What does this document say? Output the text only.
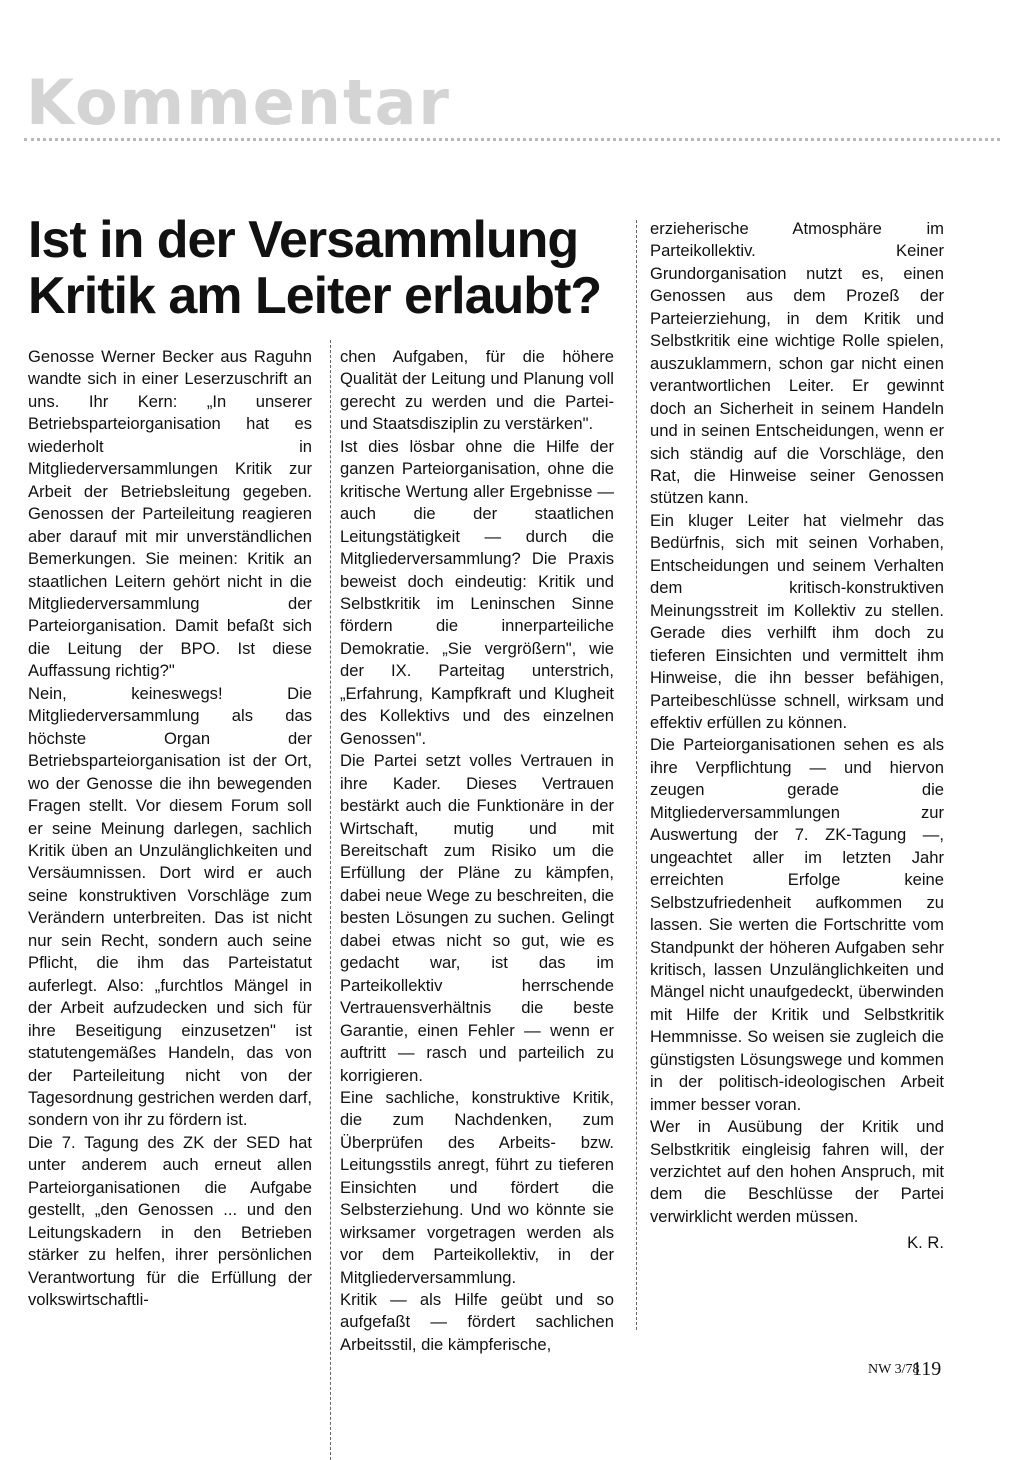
Kommentar
Ist in der Versammlung
Kritik am Leiter erlaubt?

Genosse Werner Becker aus Raguhn wandte sich in einer Leserzuschrift an uns. Ihr Kern: „In unserer Betriebsparteiorganisation hat es wiederholt in Mitgliederversammlungen Kritik zur Arbeit der Betriebsleitung gegeben. Genossen der Parteileitung reagieren aber darauf mit mir unverständlichen Bemerkungen. Sie meinen: Kritik an staatlichen Leitern gehört nicht in die Mitgliederversammlung der Parteiorganisation. Damit befaßt sich die Leitung der BPO. Ist diese Auffassung richtig?"

Nein, keineswegs! Die Mitgliederversammlung als das höchste Organ der Betriebsparteiorganisation ist der Ort, wo der Genosse die ihn bewegenden Fragen stellt. Vor diesem Forum soll er seine Meinung darlegen, sachlich Kritik üben an Unzulänglichkeiten und Versäumnissen. Dort wird er auch seine konstruktiven Vorschläge zum Verändern unterbreiten. Das ist nicht nur sein Recht, sondern auch seine Pflicht, die ihm das Parteistatut auferlegt. Also: „furchtlos Mängel in der Arbeit aufzudecken und sich für ihre Beseitigung einzusetzen" ist statutengemäßes Handeln, das von der Parteileitung nicht von der Tagesordnung gestrichen werden darf, sondern von ihr zu fördern ist.

Die 7. Tagung des ZK der SED hat unter anderem auch erneut allen Parteiorganisationen die Aufgabe gestellt, „den Genossen ... und den Leitungskadern in den Betrieben stärker zu helfen, ihrer persönlichen Verantwortung für die Erfüllung der volkswirtschaftli-

chen Aufgaben, für die höhere Qualität der Leitung und Planung voll gerecht zu werden und die Partei- und Staatsdisziplin zu verstärken".

Ist dies lösbar ohne die Hilfe der ganzen Parteiorganisation, ohne die kritische Wertung aller Ergebnisse — auch die der staatlichen Leitungstätigkeit — durch die Mitgliederversammlung? Die Praxis beweist doch eindeutig: Kritik und Selbstkritik im Leninschen Sinne fördern die innerparteiliche Demokratie. „Sie vergrößern", wie der IX. Parteitag unterstrich, „Erfahrung, Kampfkraft und Klugheit des Kollektivs und des einzelnen Genossen".

Die Partei setzt volles Vertrauen in ihre Kader. Dieses Vertrauen bestärkt auch die Funktionäre in der Wirtschaft, mutig und mit Bereitschaft zum Risiko um die Erfüllung der Pläne zu kämpfen, dabei neue Wege zu beschreiten, die besten Lösungen zu suchen. Gelingt dabei etwas nicht so gut, wie es gedacht war, ist das im Parteikollektiv herrschende Vertrauensverhältnis die beste Garantie, einen Fehler — wenn er auftritt — rasch und parteilich zu korrigieren.

Eine sachliche, konstruktive Kritik, die zum Nachdenken, zum Überprüfen des Arbeits- bzw. Leitungsstils anregt, führt zu tieferen Einsichten und fördert die Selbsterziehung. Und wo könnte sie wirksamer vorgetragen werden als vor dem Parteikollektiv, in der Mitgliederversammlung.

Kritik — als Hilfe geübt und so aufgefaßt — fördert sachlichen Arbeitsstil, die kämpferische,

erzieherische Atmosphäre im Parteikollektiv. Keiner Grundorganisation nutzt es, einen Genossen aus dem Prozeß der Parteierziehung, in dem Kritik und Selbstkritik eine wichtige Rolle spielen, auszuklammern, schon gar nicht einen verantwortlichen Leiter. Er gewinnt doch an Sicherheit in seinem Handeln und in seinen Entscheidungen, wenn er sich ständig auf die Vorschläge, den Rat, die Hinweise seiner Genossen stützen kann.

Ein kluger Leiter hat vielmehr das Bedürfnis, sich mit seinen Vorhaben, Entscheidungen und seinem Verhalten dem kritisch-konstruktiven Meinungsstreit im Kollektiv zu stellen. Gerade dies verhilft ihm doch zu tieferen Einsichten und vermittelt ihm Hinweise, die ihn besser befähigen, Parteibeschlüsse schnell, wirksam und effektiv erfüllen zu können.

Die Parteiorganisationen sehen es als ihre Verpflichtung — und hiervon zeugen gerade die Mitgliederversammlungen zur Auswertung der 7. ZK-Tagung —, ungeachtet aller im letzten Jahr erreichten Erfolge keine Selbstzufriedenheit aufkommen zu lassen. Sie werten die Fortschritte vom Standpunkt der höheren Aufgaben sehr kritisch, lassen Unzulänglichkeiten und Mängel nicht unaufgedeckt, überwinden mit Hilfe der Kritik und Selbstkritik Hemmnisse. So weisen sie zugleich die günstigsten Lösungswege und kommen in der politisch-ideologischen Arbeit immer besser voran.

Wer in Ausübung der Kritik und Selbstkritik eingleisig fahren will, der verzichtet auf den hohen Anspruch, mit dem die Beschlüsse der Partei verwirklicht werden müssen.

K. R.

NW 3/78
119
